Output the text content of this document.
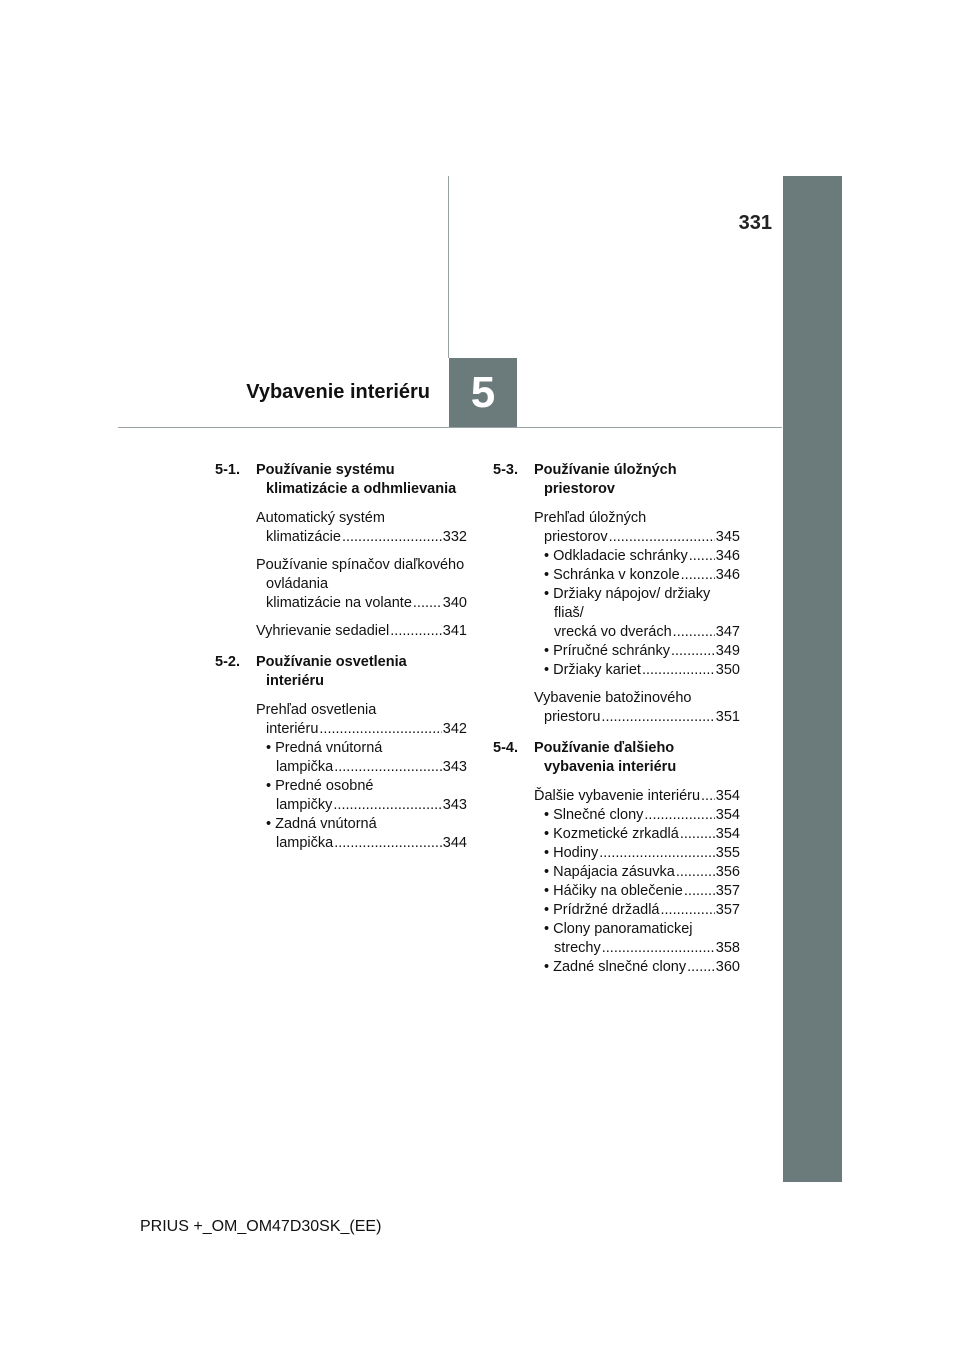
331
5
Vybavenie interiéru
5-1.	Používanie systému klimatizácie a odhmlievania
Automatický systém
klimatizácie .....	332
Používanie spínačov diaľkového ovládania
klimatizácie na volante ..... 340
Vyhrievanie sedadiel .....	341
5-2.	Používanie osvetlenia interiéru
Prehľad osvetlenia
interiéru .....	342
• Predná vnútorná
lampička .....	343
• Predné osobné
lampičky .....	343
• Zadná vnútorná
lampička .....	344
5-3.	Používanie úložných priestorov
Prehľad úložných
priestorov .....	345
• Odkladacie schránky ..... 346
• Schránka v konzole ..... 346
• Držiaky nápojov/ držiaky fliaš/
vrecká vo dverách .....	347
• Príručné schránky .....	349
• Držiaky kariet .....	350
Vybavenie batožinového
priestoru .....	351
5-4.	Používanie ďalšieho vybavenia interiéru
Ďalšie vybavenie interiéru ..... 354
• Slnečné clony .....	354
• Kozmetické zrkadlá .....	354
• Hodiny .....	355
• Napájacia zásuvka .....	356
• Háčiky na oblečenie ..... 357
• Prídržné držadlá .....	357
• Clony panoramatickej
strechy .....	358
• Zadné slnečné clony ..... 360
PRIUS +_OM_OM47D30SK_(EE)
